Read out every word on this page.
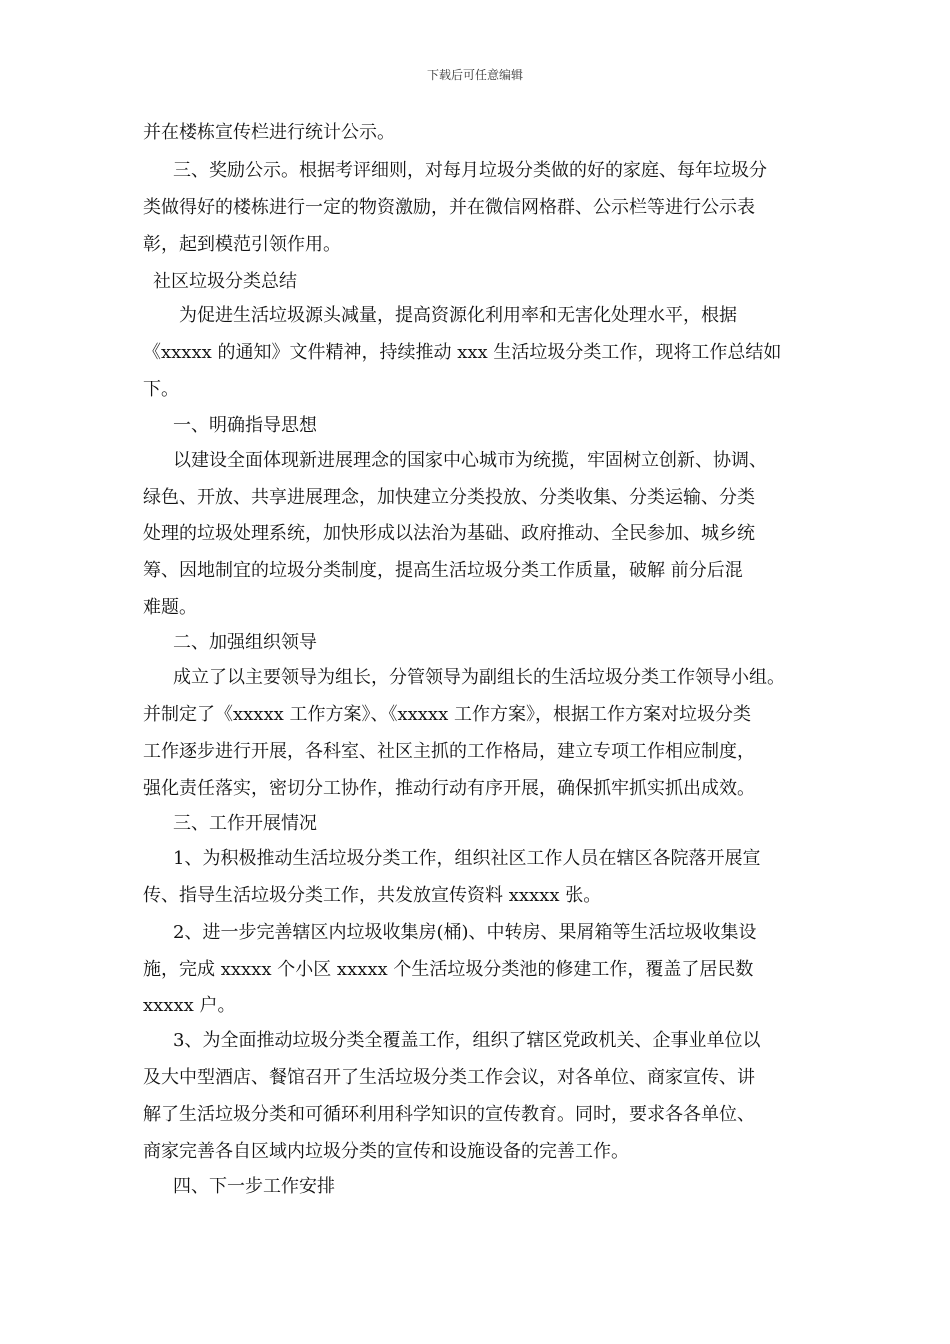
下载后可任意编辑
并在楼栋宣传栏进行统计公示。
三、奖励公示。根据考评细则，对每月垃圾分类做的好的家庭、每年垃圾分
类做得好的楼栋进行一定的物资激励，并在微信网格群、公示栏等进行公示表
彰，起到模范引领作用。
社区垃圾分类总结
为促进生活垃圾源头减量，提高资源化利用率和无害化处理水平，根据
《xxxxx 的通知》文件精神，持续推动 xxx 生活垃圾分类工作，现将工作总结如
下。
一、明确指导思想
以建设全面体现新进展理念的国家中心城市为统揽，牢固树立创新、协调、
绿色、开放、共享进展理念，加快建立分类投放、分类收集、分类运输、分类
处理的垃圾处理系统，加快形成以法治为基础、政府推动、全民参加、城乡统
筹、因地制宜的垃圾分类制度，提高生活垃圾分类工作质量，破解 前分后混
难题。
二、加强组织领导
成立了以主要领导为组长，分管领导为副组长的生活垃圾分类工作领导小组。
并制定了《xxxxx 工作方案》、《xxxxx 工作方案》，根据工作方案对垃圾分类
工作逐步进行开展，各科室、社区主抓的工作格局，建立专项工作相应制度，
强化责任落实，密切分工协作，推动行动有序开展，确保抓牢抓实抓出成效。
三、工作开展情况
1、为积极推动生活垃圾分类工作，组织社区工作人员在辖区各院落开展宣
传、指导生活垃圾分类工作，共发放宣传资料 xxxxx 张。
2、进一步完善辖区内垃圾收集房(桶)、中转房、果屑箱等生活垃圾收集设
施，完成 xxxxx 个小区 xxxxx 个生活垃圾分类池的修建工作，覆盖了居民数
xxxxx 户。
3、为全面推动垃圾分类全覆盖工作，组织了辖区党政机关、企事业单位以
及大中型酒店、餐馆召开了生活垃圾分类工作会议，对各单位、商家宣传、讲
解了生活垃圾分类和可循环利用科学知识的宣传教育。同时，要求各各单位、
商家完善各自区域内垃圾分类的宣传和设施设备的完善工作。
四、下一步工作安排
